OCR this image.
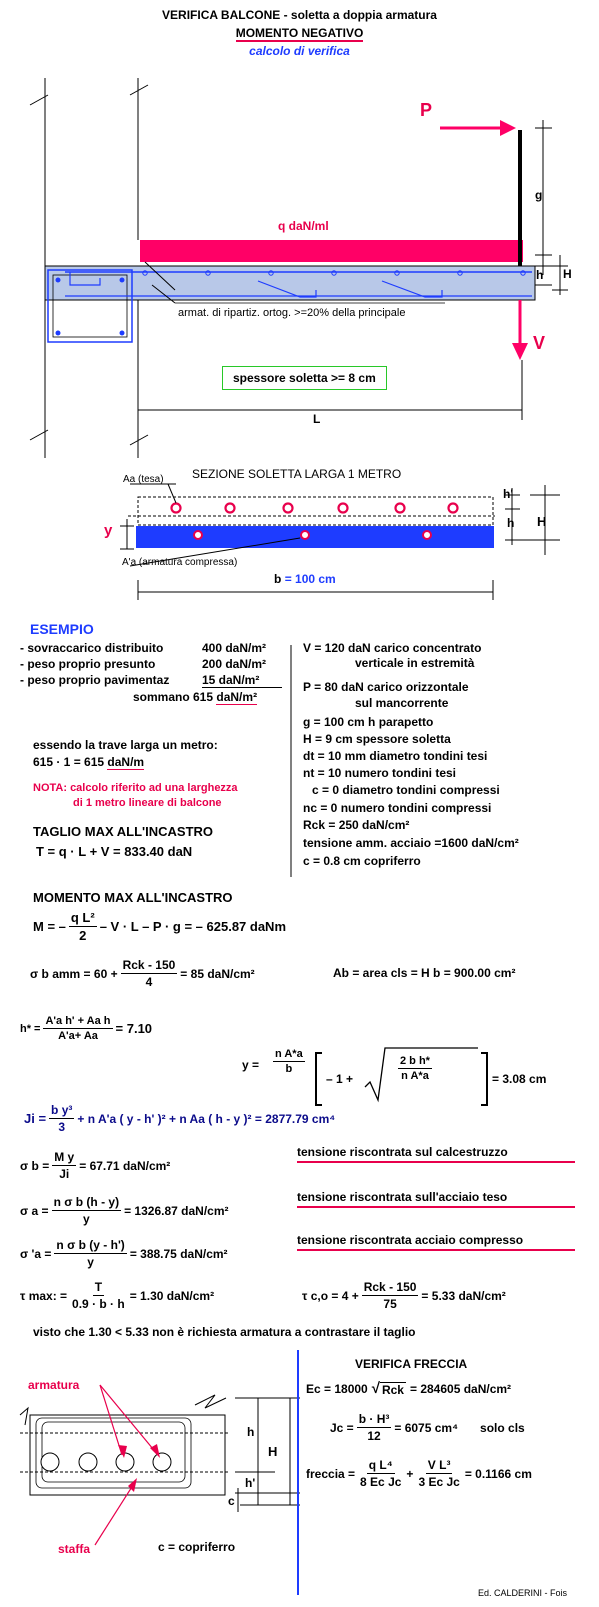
VERIFICA BALCONE - soletta a doppia armatura
MOMENTO NEGATIVO
calcolo di verifica
P
V
g
h H
L
q daN/ml
armat. di ripartiz. ortog. >=20% della principale
spessore soletta >= 8 cm
SEZIONE SOLETTA LARGA 1 METRO
Aa (tesa)
A'a (armatura compressa)
y
h'
h H
b = 100 cm
ESEMPIO
- sovraccarico distribuito	400 daN/m²
- peso proprio presunto	200 daN/m²
- peso proprio pavimentaz	15 daN/m²
sommano 615 daN/m²
essendo la trave larga un metro:
615 · 1 = 615 daN/m
NOTA: calcolo riferito ad una larghezza
di 1 metro lineare di balcone
TAGLIO MAX ALL'INCASTRO
T = q · L + V = 833.40 daN
V = 120 daN carico concentrato
verticale in estremità
P = 80 daN carico orizzontale
sul mancorrente
g = 100 cm h parapetto
H = 9 cm spessore soletta
dt = 10 mm diametro tondini tesi
nt = 10 numero tondini tesi
c = 0 diametro tondini compressi
nc = 0 numero tondini compressi
Rck = 250 daN/cm²
tensione amm. acciaio =1600 daN/cm²
c = 0.8 cm copriferro
MOMENTO MAX ALL'INCASTRO
M = – $\frac{\text{q L²}}{2} - V \cdot L - P \cdot g$ = – 625.87 daNm
σ b amm = $60 + \frac{\text{Rck - 150}}{4} = 85$ daN/cm²	Ab = area cls = H b = 900.00 cm²
$h* = \frac{\text{A'a h' + Aa h}}{A'a+ Aa} = 7.10$
$y = \frac{\text{n A*a}}{b}$
– 1 +	$\frac{\text{2 b h*}}{\text{n A*a}}$	= 3.08 cm
$Ji = \frac{\text{b y³}}{3} + n$ A'a ( y - h' )² + n Aa ( h - y )² = 2877.79 cm⁴
σ $b = \frac{\text{M y}}{Ji} = 67.71$ daN/cm²
tensione riscontrata sul calcestruzzo
σ $a = \frac{\text{n σ b (h - y)}}{y} = 1326.87$ daN/cm²
tensione riscontrata sull'acciaio teso
σ '$a = \frac{\text{n σ b (y - h')}}{y} = 388.75$ daN/cm²
tensione riscontrata acciaio compresso
τ max: = $\frac{T}{0.9 \cdot b \cdot h} = 1.30$ daN/cm²	τ $c,o = 4 + \frac{\text{Rck - 150}}{75} = 5.33$ daN/cm²
visto che 1.30 < 5.33 non è richiesta armatura a contrastare il taglio
armatura
staffa
h
H
h'
c
c = copriferro
VERIFICA FRECCIA
Ec = 18000 √ Rck = 284605 daN/cm²
$Jc = \frac{\text{b · H³}}{12} = 6075$ cm⁴ solo cls
freccia = $\frac{\text{q L⁴}}{\text{8 Ec Jc}} + \frac{\text{V L³}}{\text{3 Ec Jc}} = 0.1166$ cm
Ed. CALDERINI - Fois
